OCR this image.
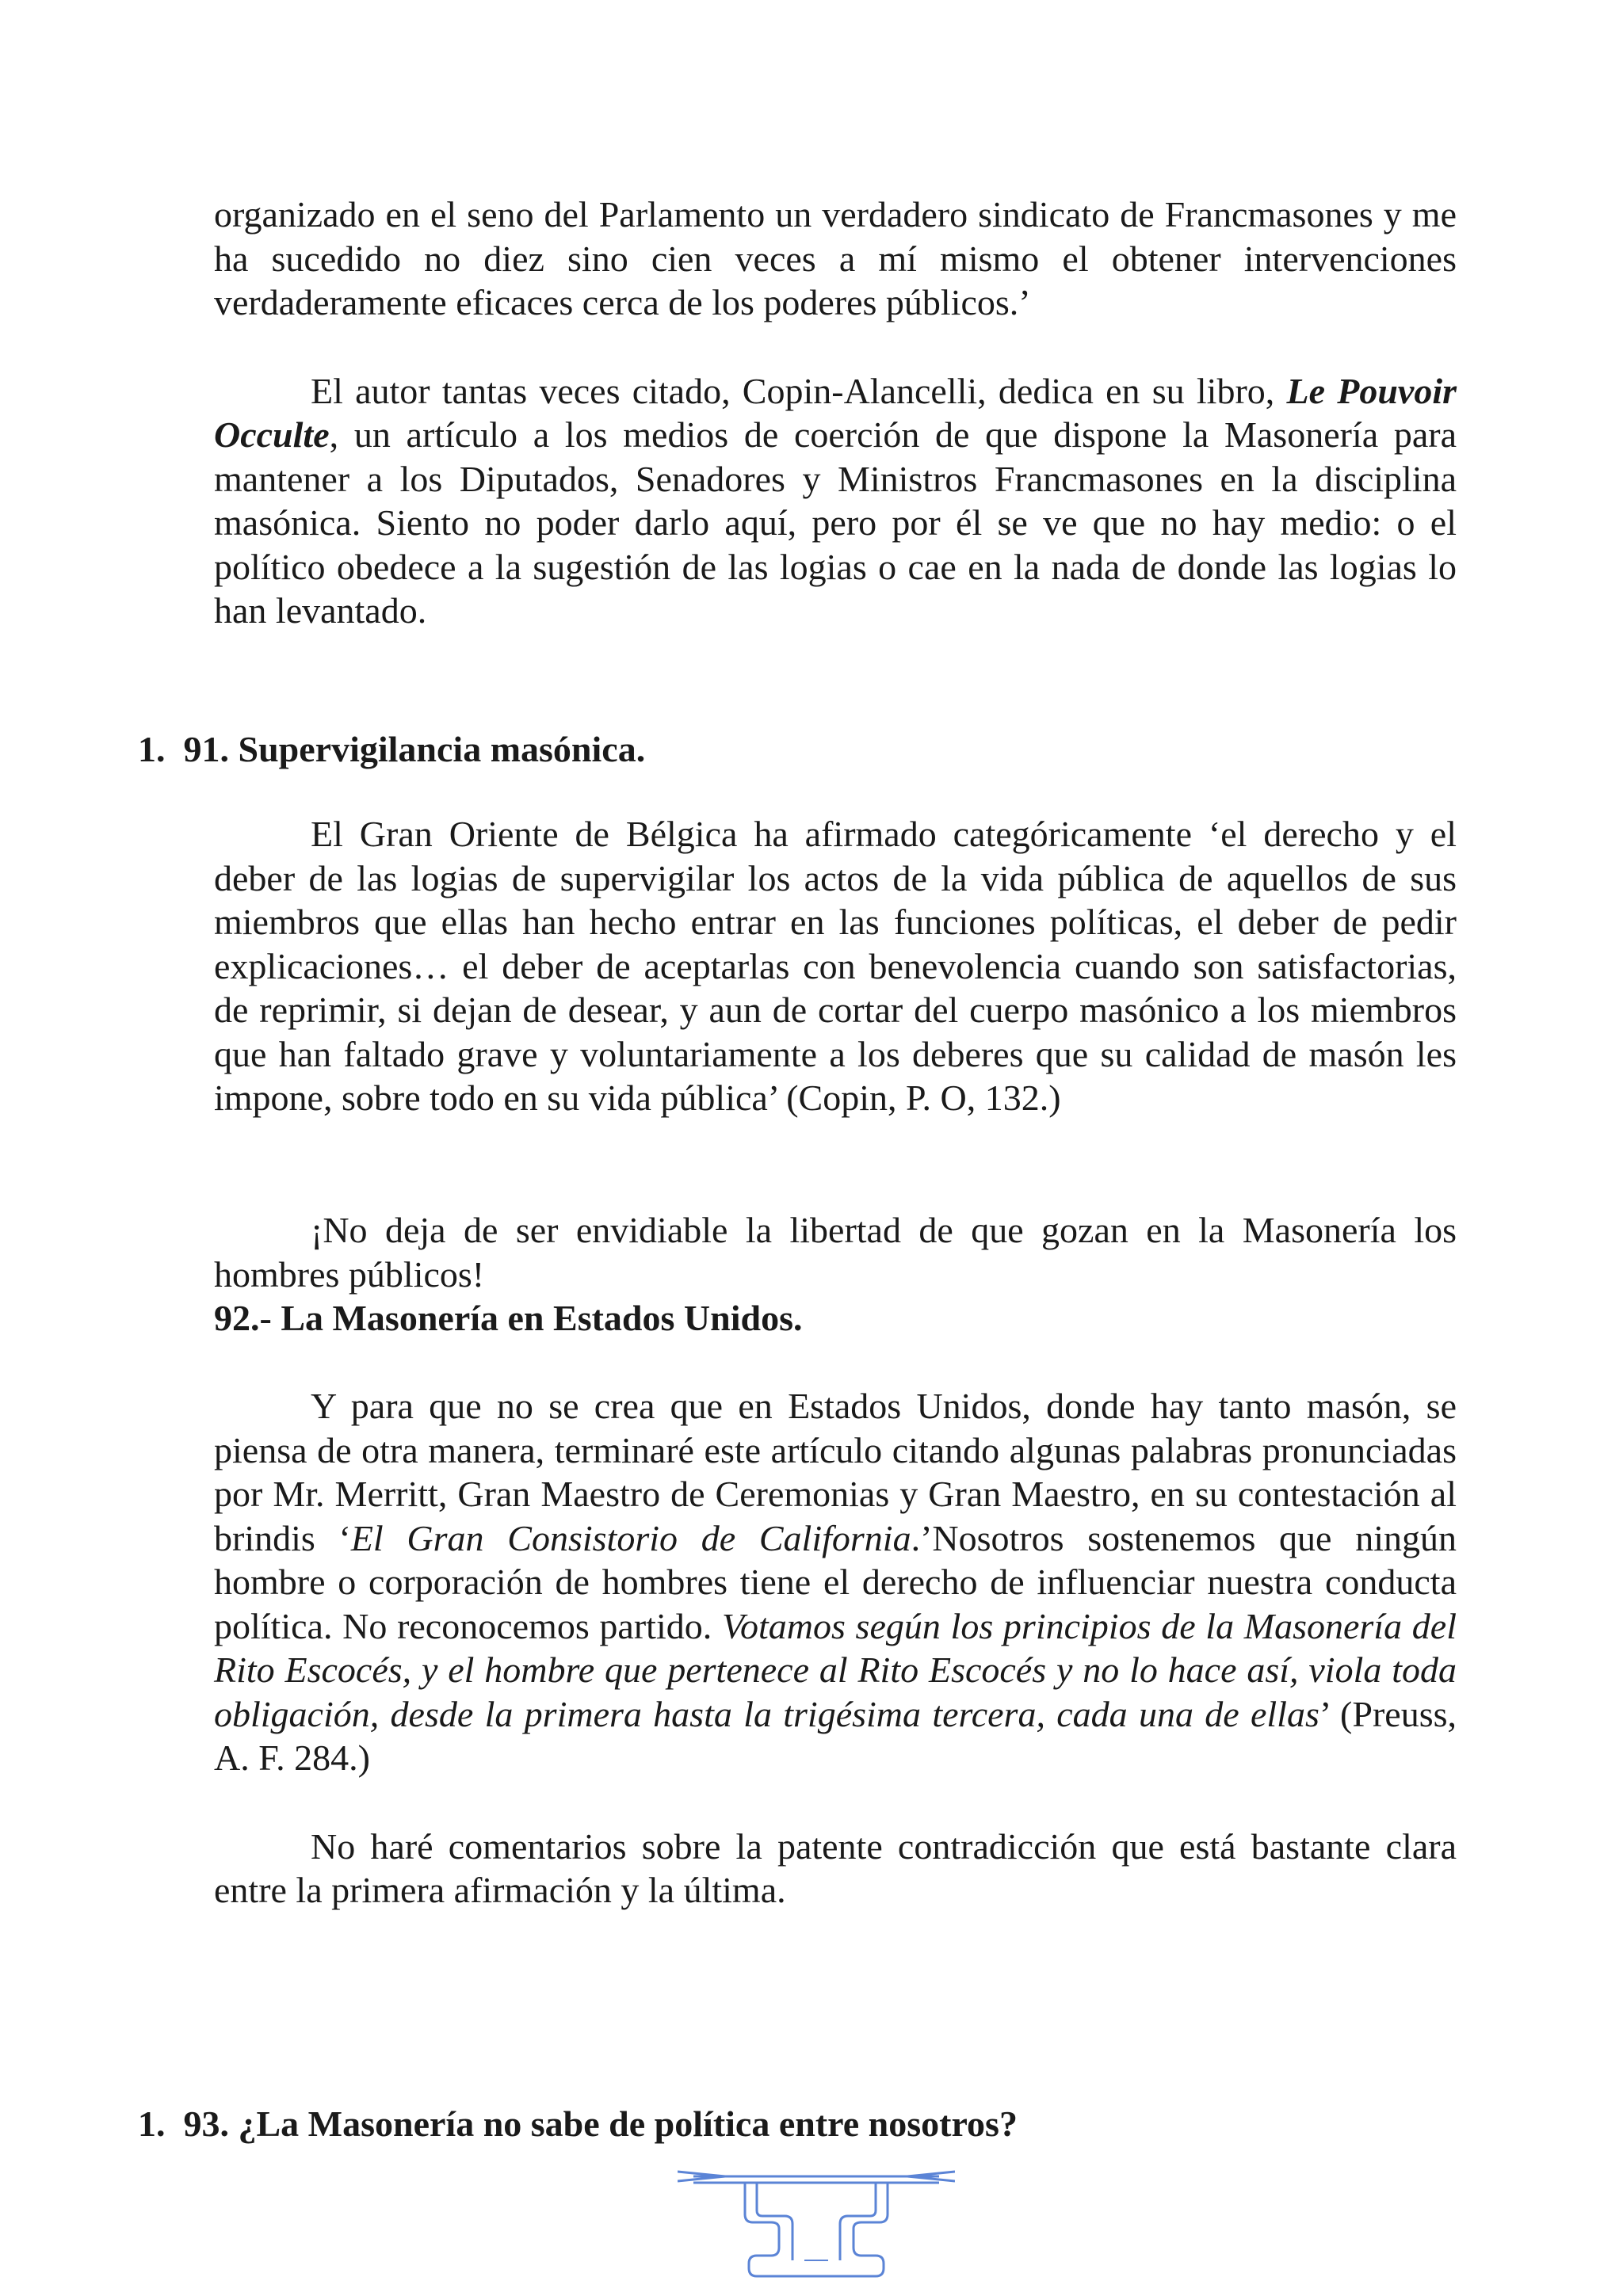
organizado en el seno del Parlamento un verdadero sindicato de Francmasones y me ha sucedido no diez sino cien veces a mí mismo el obtener intervenciones verdaderamente eficaces cerca de los poderes públicos.’

El autor tantas veces citado, Copin-Alancelli, dedica en su libro, Le Pouvoir Occulte, un artículo a los medios de coerción de que dispone la Masonería para mantener a los Diputados, Senadores y Ministros Francmasones en la disciplina masónica. Siento no poder darlo aquí, pero por él se ve que no hay medio: o el político obedece a la sugestión de las logias o cae en la nada de donde las logias lo han levantado.

1. 91. Supervigilancia masónica.

El Gran Oriente de Bélgica ha afirmado categóricamente ‘el derecho y el deber de las logias de supervigilar los actos de la vida pública de aquellos de sus miembros que ellas han hecho entrar en las funciones políticas, el deber de pedir explicaciones… el deber de aceptarlas con benevolencia cuando son satisfactorias, de reprimir, si dejan de desear, y aun de cortar del cuerpo masónico a los miembros que han faltado grave y voluntariamente a los deberes que su calidad de masón les impone, sobre todo en su vida pública’ (Copin, P. O, 132.)

¡No deja de ser envidiable la libertad de que gozan en la Masonería los hombres públicos!

92.- La Masonería en Estados Unidos.

Y para que no se crea que en Estados Unidos, donde hay tanto masón, se piensa de otra manera, terminaré este artículo citando algunas palabras pronunciadas por Mr. Merritt, Gran Maestro de Ceremonias y Gran Maestro, en su contestación al brindis ‘El Gran Consistorio de California.’Nosotros sostenemos que ningún hombre o corporación de hombres tiene el derecho de influenciar nuestra conducta política. No reconocemos partido. Votamos según los principios de la Masonería del Rito Escocés, y el hombre que pertenece al Rito Escocés y no lo hace así, viola toda obligación, desde la primera hasta la trigésima tercera, cada una de ellas’ (Preuss, A. F. 284.)

No haré comentarios sobre la patente contradicción que está bastante clara entre la primera afirmación y la última.

1. 93. ¿La Masonería no sabe de política entre nosotros?
